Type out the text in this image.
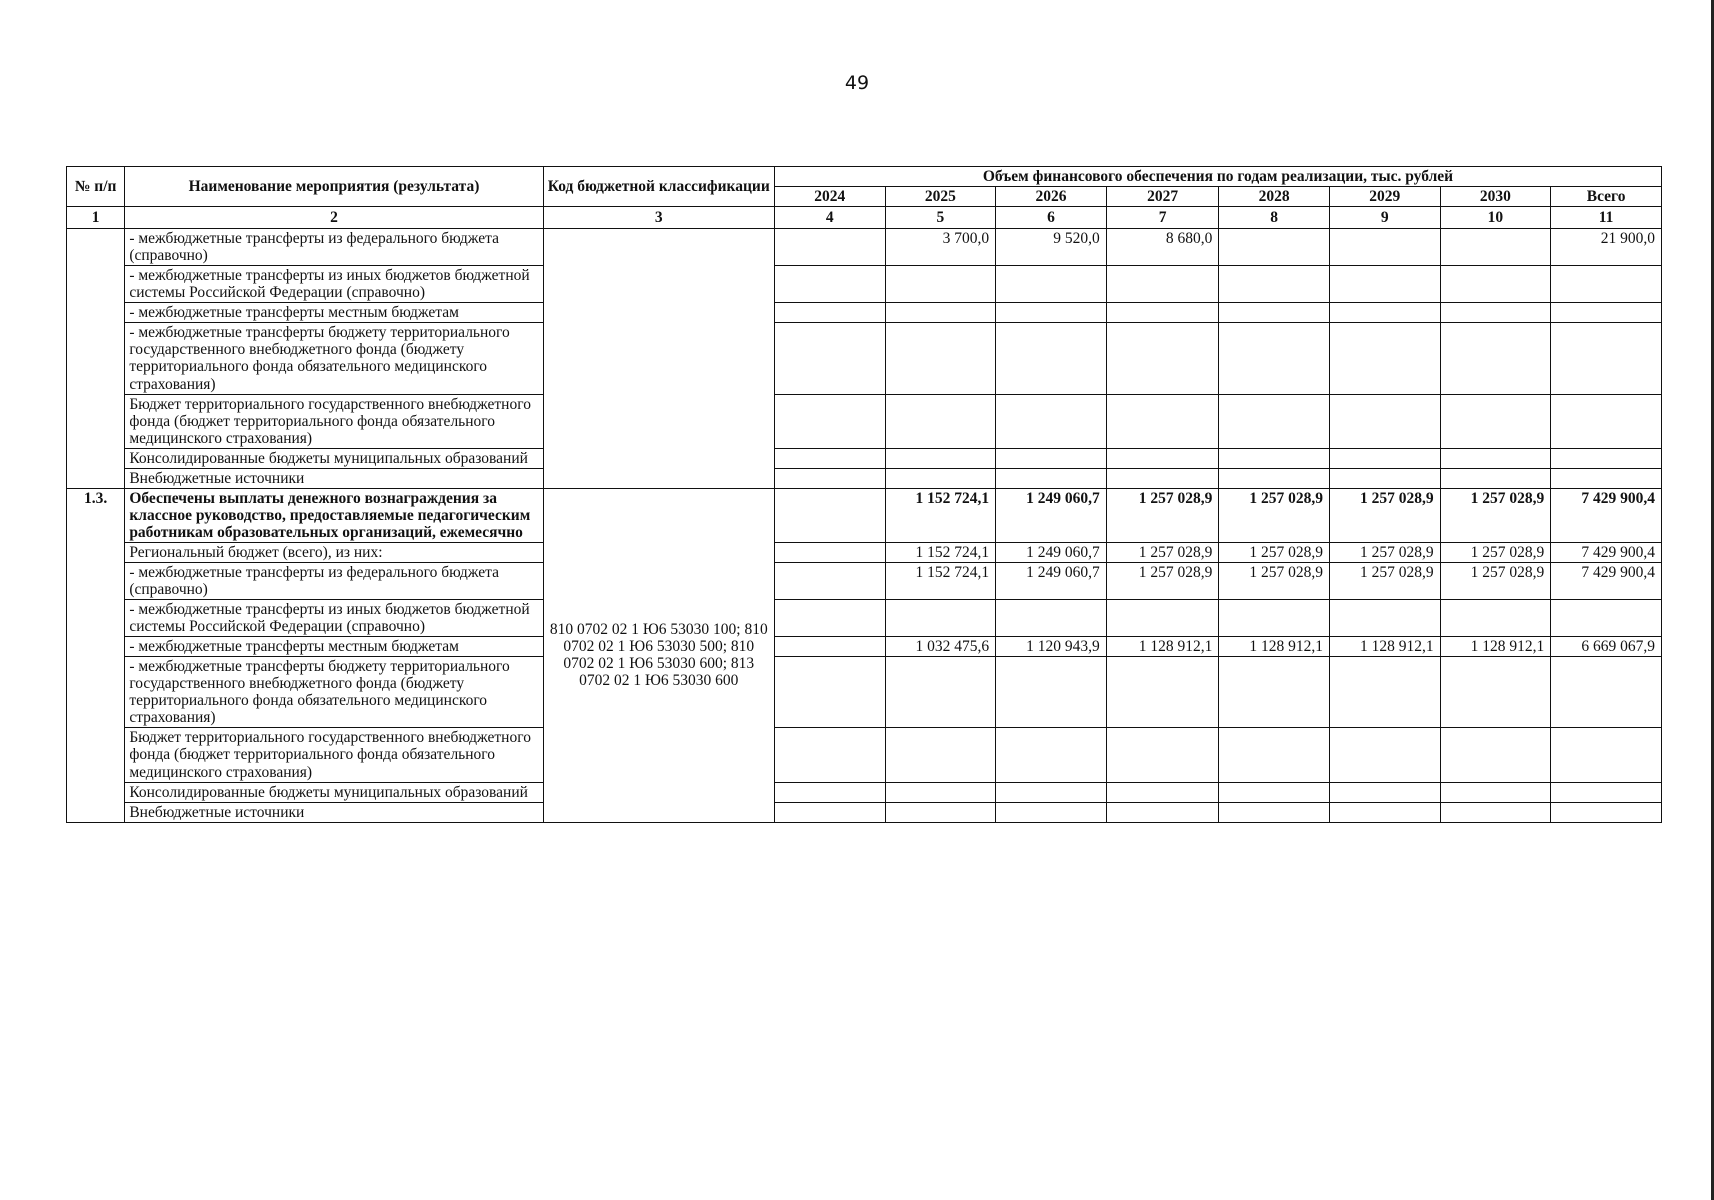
49
№ п/п	Наименование мероприятия (результата)	Код бюджетной классификации	Объем финансового обеспечения по годам реализации, тыс. рублей							
			2024	2025	2026	2027	2028	2029	2030	Всего
1	2	3	4	5	6	7	8	9	10	11
	- межбюджетные трансферты из федерального бюджета (справочно)			3 700,0	9 520,0	8 680,0				21 900,0
	- межбюджетные трансферты из иных бюджетов бюджетной системы Российской Федерации (справочно)									
	- межбюджетные трансферты местным бюджетам									
	- межбюджетные трансферты бюджету территориального государственного внебюджетного фонда (бюджету территориального фонда обязательного медицинского страхования)									
	Бюджет территориального государственного внебюджетного фонда (бюджет территориального фонда обязательного медицинского страхования)									
	Консолидированные бюджеты муниципальных образований									
	Внебюджетные источники									
1.3.	Обеспечены выплаты денежного вознаграждения за классное руководство, предоставляемые педагогическим работникам образовательных организаций, ежемесячно	810 0702 02 1 Ю6 53030 100; 810 0702 02 1 Ю6 53030 500; 810 0702 02 1 Ю6 53030 600; 813 0702 02 1 Ю6 53030 600		1 152 724,1	1 249 060,7	1 257 028,9	1 257 028,9	1 257 028,9	1 257 028,9	7 429 900,4
	Региональный бюджет (всего), из них:			1 152 724,1	1 249 060,7	1 257 028,9	1 257 028,9	1 257 028,9	1 257 028,9	7 429 900,4
	- межбюджетные трансферты из федерального бюджета (справочно)			1 152 724,1	1 249 060,7	1 257 028,9	1 257 028,9	1 257 028,9	1 257 028,9	7 429 900,4
	- межбюджетные трансферты из иных бюджетов бюджетной системы Российской Федерации (справочно)									
	- межбюджетные трансферты местным бюджетам			1 032 475,6	1 120 943,9	1 128 912,1	1 128 912,1	1 128 912,1	1 128 912,1	6 669 067,9
	- межбюджетные трансферты бюджету территориального государственного внебюджетного фонда (бюджету территориального фонда обязательного медицинского страхования)									
	Бюджет территориального государственного внебюджетного фонда (бюджет территориального фонда обязательного медицинского страхования)									
	Консолидированные бюджеты муниципальных образований									
	Внебюджетные источники									
